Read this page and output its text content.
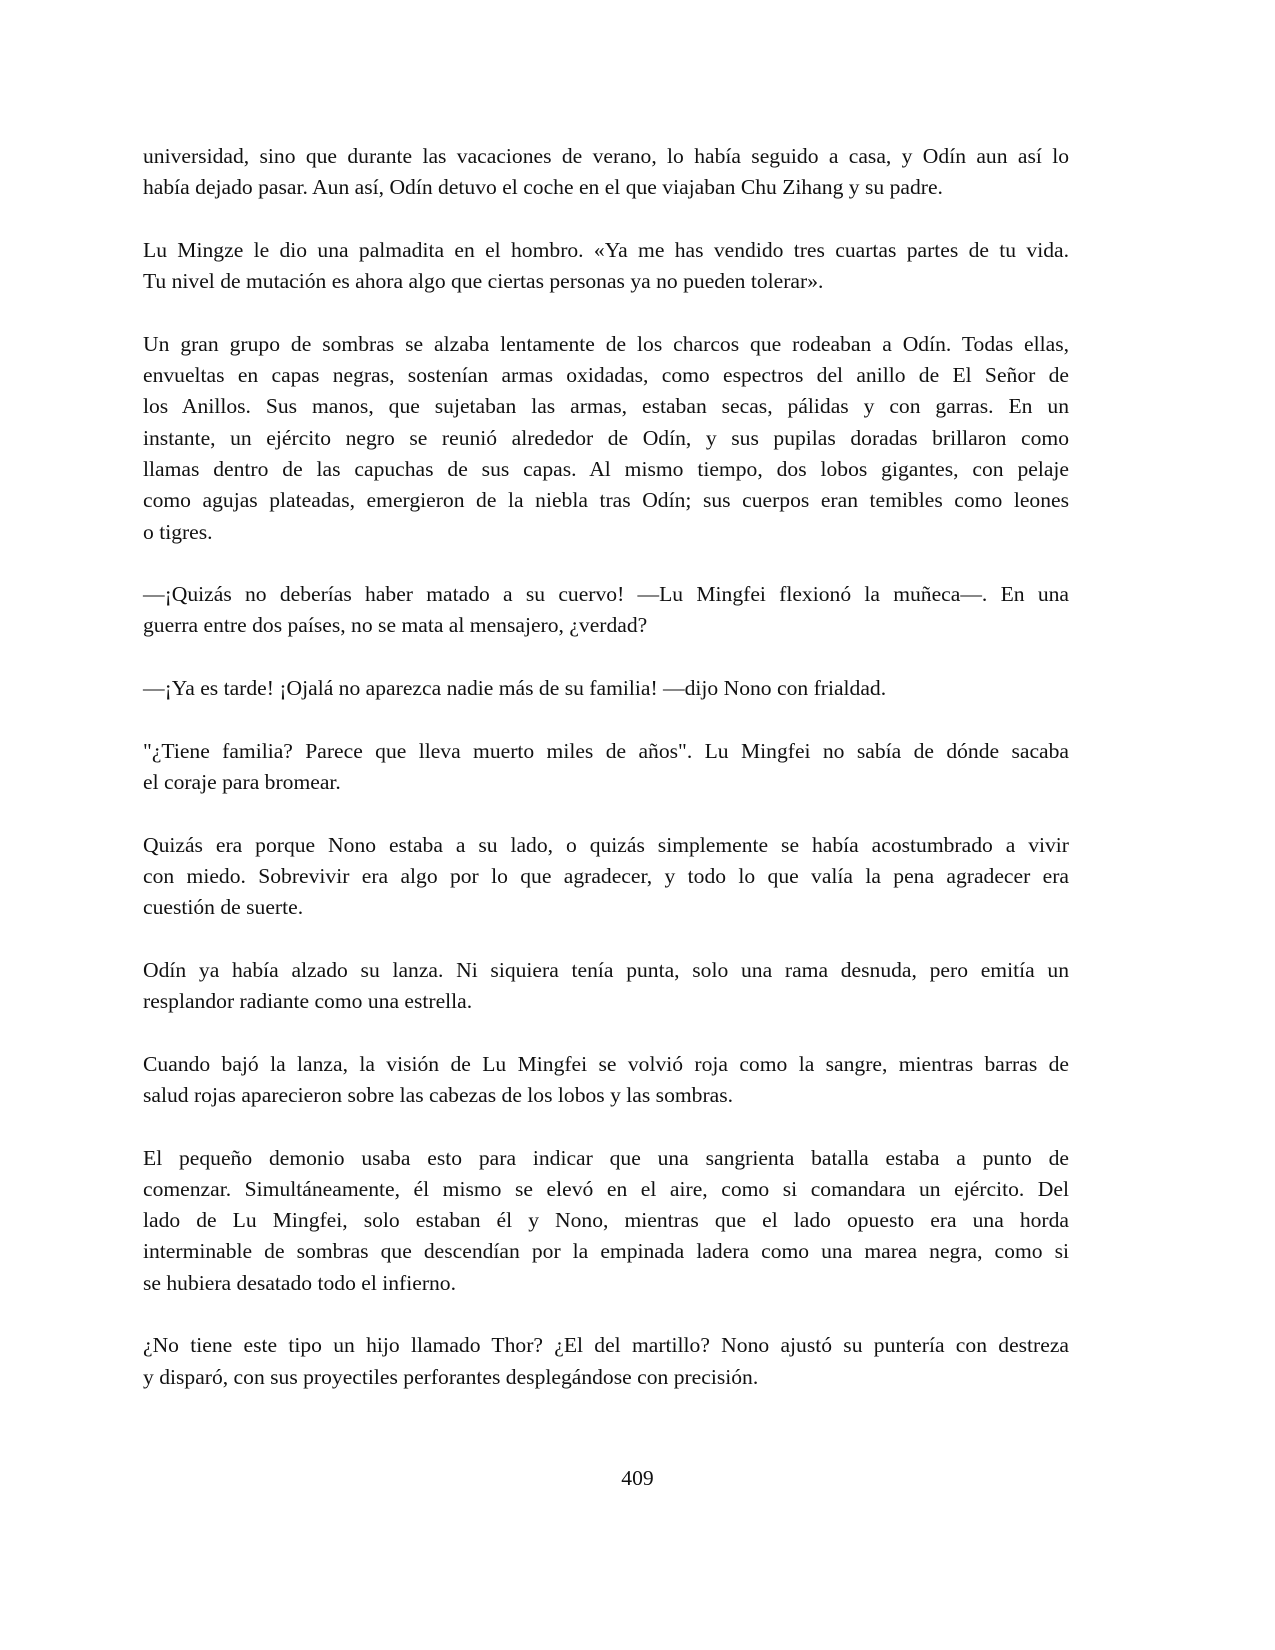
universidad, sino que durante las vacaciones de verano, lo había seguido a casa, y Odín aun así lo
había dejado pasar. Aun así, Odín detuvo el coche en el que viajaban Chu Zihang y su padre.

Lu Mingze le dio una palmadita en el hombro. «Ya me has vendido tres cuartas partes de tu vida.
Tu nivel de mutación es ahora algo que ciertas personas ya no pueden tolerar».

Un gran grupo de sombras se alzaba lentamente de los charcos que rodeaban a Odín. Todas ellas,
envueltas en capas negras, sostenían armas oxidadas, como espectros del anillo de El Señor de
los Anillos. Sus manos, que sujetaban las armas, estaban secas, pálidas y con garras. En un
instante, un ejército negro se reunió alrededor de Odín, y sus pupilas doradas brillaron como
llamas dentro de las capuchas de sus capas. Al mismo tiempo, dos lobos gigantes, con pelaje
como agujas plateadas, emergieron de la niebla tras Odín; sus cuerpos eran temibles como leones
o tigres.

—¡Quizás no deberías haber matado a su cuervo! —Lu Mingfei flexionó la muñeca—. En una
guerra entre dos países, no se mata al mensajero, ¿verdad?

—¡Ya es tarde! ¡Ojalá no aparezca nadie más de su familia! —dijo Nono con frialdad.

"¿Tiene familia? Parece que lleva muerto miles de años". Lu Mingfei no sabía de dónde sacaba
el coraje para bromear.

Quizás era porque Nono estaba a su lado, o quizás simplemente se había acostumbrado a vivir
con miedo. Sobrevivir era algo por lo que agradecer, y todo lo que valía la pena agradecer era
cuestión de suerte.

Odín ya había alzado su lanza. Ni siquiera tenía punta, solo una rama desnuda, pero emitía un
resplandor radiante como una estrella.

Cuando bajó la lanza, la visión de Lu Mingfei se volvió roja como la sangre, mientras barras de
salud rojas aparecieron sobre las cabezas de los lobos y las sombras.

El pequeño demonio usaba esto para indicar que una sangrienta batalla estaba a punto de
comenzar. Simultáneamente, él mismo se elevó en el aire, como si comandara un ejército. Del
lado de Lu Mingfei, solo estaban él y Nono, mientras que el lado opuesto era una horda
interminable de sombras que descendían por la empinada ladera como una marea negra, como si
se hubiera desatado todo el infierno.

¿No tiene este tipo un hijo llamado Thor? ¿El del martillo? Nono ajustó su puntería con destreza
y disparó, con sus proyectiles perforantes desplegándose con precisión.

409
